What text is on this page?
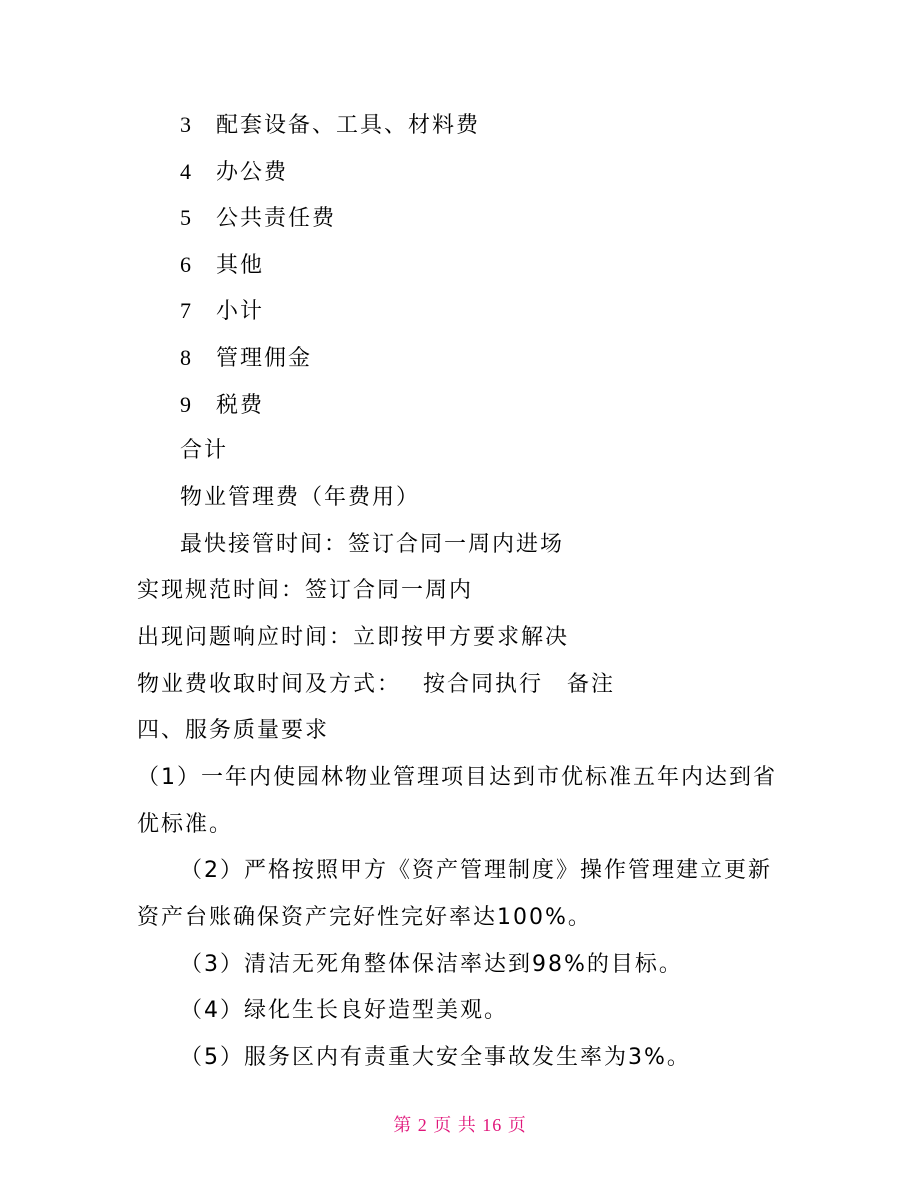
3 配套设备、工具、材料费
4 办公费
5 公共责任费
6 其他
7 小计
8 管理佣金
9 税费
合计
物业管理费（年费用）
最快接管时间：签订合同一周内进场
实现规范时间：签订合同一周内
出现问题响应时间：立即按甲方要求解决
物业费收取时间及方式：　 按合同执行　备注
四、服务质量要求
（1）一年内使园林物业管理项目达到市优标准五年内达到省
优标准。
（2）严格按照甲方《资产管理制度》操作管理建立更新
资产台账确保资产完好性完好率达100%。
（3）清洁无死角整体保洁率达到98%的目标。
（4）绿化生长良好造型美观。
（5）服务区内有责重大安全事故发生率为3%。
第 2 页 共 16 页
